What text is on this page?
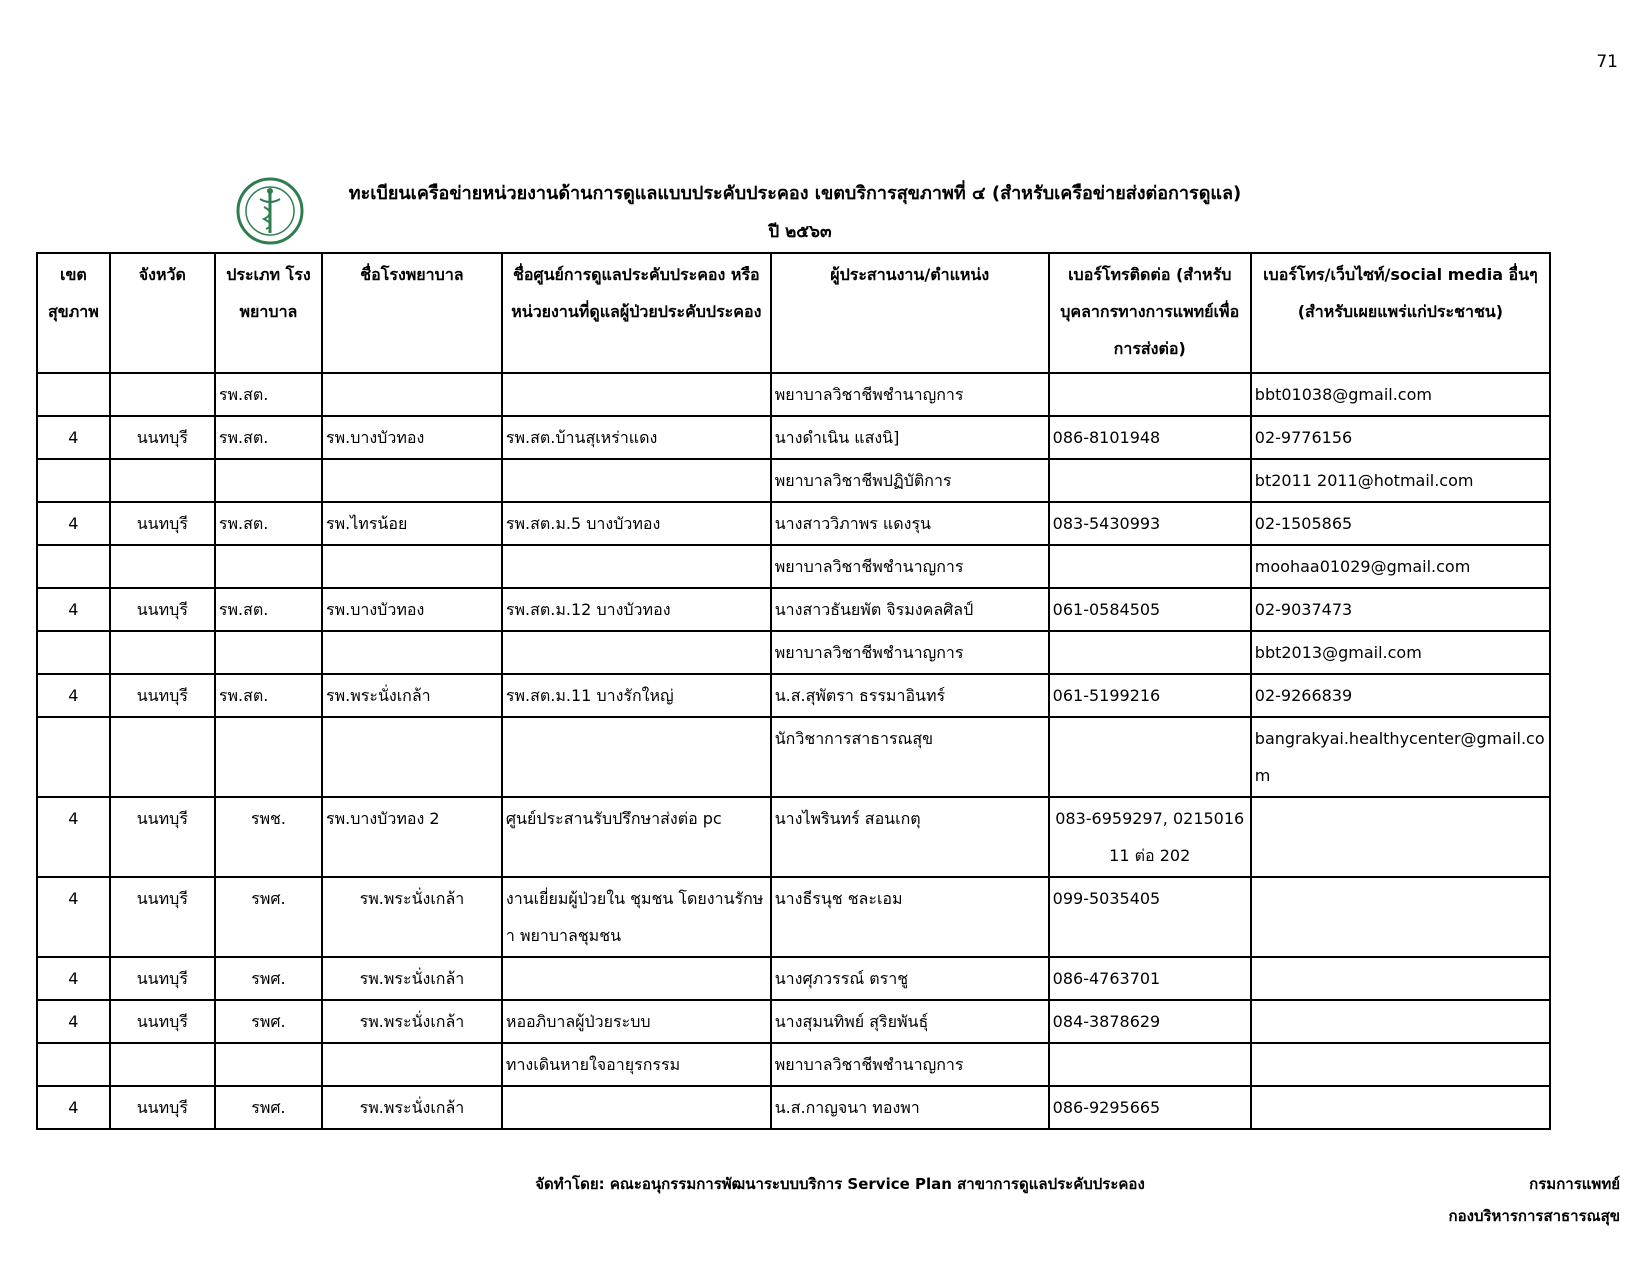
71
ทะเบียนเครือข่ายหน่วยงานด้านการดูแลแบบประคับประคอง เขตบริการสุขภาพที่ ๔ (สำหรับเครือข่ายส่งต่อการดูแล)
ปี ๒๕๖๓
เขต สุขภาพ	จังหวัด	ประเภท โรงพยาบาล	ชื่อโรงพยาบาล	ชื่อศูนย์การดูแลประคับประคอง หรือ หน่วยงานที่ดูแลผู้ป่วยประคับประคอง	ผู้ประสานงาน/ตำแหน่ง	เบอร์โทรติดต่อ (สำหรับบุคลากรทางการแพทย์เพื่อการส่งต่อ)	เบอร์โทร/เว็บไซท์/social media อื่นๆ (สำหรับเผยแพร่แก่ประชาชน)
		รพ.สต.			พยาบาลวิชาชีพชำนาญการ		bbt01038@gmail.com
4	นนทบุรี	รพ.สต.	รพ.บางบัวทอง	รพ.สต.บ้านสุเหร่าแดง	นางดำเนิน แสงนิ]	086-8101948	02-9776156
					พยาบาลวิชาชีพปฏิบัติการ		bt2011 2011@hotmail.com
4	นนทบุรี	รพ.สต.	รพ.ไทรน้อย	รพ.สต.ม.5 บางบัวทอง	นางสาววิภาพร แดงรุน	083-5430993	02-1505865
					พยาบาลวิชาชีพชำนาญการ		moohaa01029@gmail.com
4	นนทบุรี	รพ.สต.	รพ.บางบัวทอง	รพ.สต.ม.12 บางบัวทอง	นางสาวธันยพัต จิรมงคลศิลป์	061-0584505	02-9037473
					พยาบาลวิชาชีพชำนาญการ		bbt2013@gmail.com
4	นนทบุรี	รพ.สต.	รพ.พระนั่งเกล้า	รพ.สต.ม.11 บางรักใหญ่	น.ส.สุพัตรา ธรรมาอินทร์	061-5199216	02-9266839
					นักวิชาการสาธารณสุข		bangrakyai.healthycenter@gmail.com
4	นนทบุรี	รพช.	รพ.บางบัวทอง 2	ศูนย์ประสานรับปรึกษาส่งต่อ pc	นางไพรินทร์ สอนเกตุ	083-6959297, 021501611 ต่อ 202	
4	นนทบุรี	รพศ.	รพ.พระนั่งเกล้า	งานเยี่ยมผู้ป่วยใน ชุมชน โดยงานรักษา พยาบาลชุมชน	นางธีรนุช ชละเอม	099-5035405	
4	นนทบุรี	รพศ.	รพ.พระนั่งเกล้า		นางศุภวรรณ์ ตราชู	086-4763701	
4	นนทบุรี	รพศ.	รพ.พระนั่งเกล้า	หออภิบาลผู้ป่วยระบบ	นางสุมนทิพย์ สุริยพันธุ์	084-3878629	
				ทางเดินหายใจอายุรกรรม	พยาบาลวิชาชีพชำนาญการ		
4	นนทบุรี	รพศ.	รพ.พระนั่งเกล้า		น.ส.กาญจนา ทองพา	086-9295665	
จัดทำโดย: คณะอนุกรรมการพัฒนาระบบบริการ Service Plan สาขาการดูแลประคับประคอง	กรมการแพทย์
กองบริหารการสาธารณสุข
